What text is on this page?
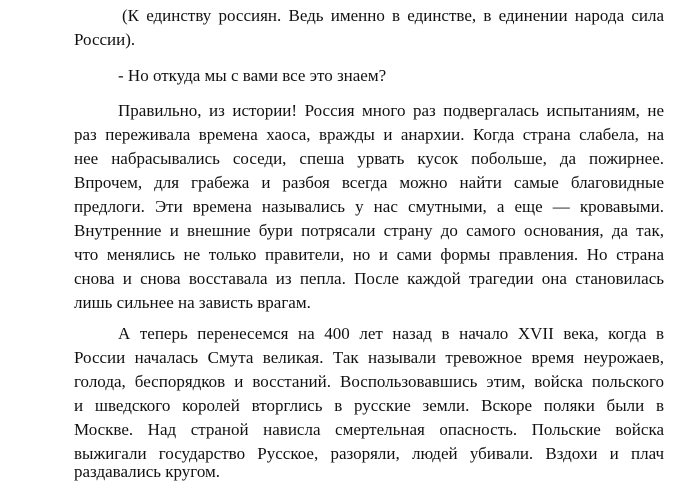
(К единству россиян. Ведь именно в единстве, в единении народа сила
России).
- Но откуда мы с вами все это знаем?
Правильно, из истории! Россия много раз подвергалась испытаниям, не
раз переживала времена хаоса, вражды и анархии. Когда страна слабела, на
нее набрасывались соседи, спеша урвать кусок побольше, да пожирнее.
Впрочем, для грабежа и разбоя всегда можно найти самые благовидные
предлоги. Эти времена назывались у нас смутными, а еще — кровавыми.
Внутренние и внешние бури потрясали страну до самого основания, да так,
что менялись не только правители, но и сами формы правления. Но страна
снова и снова восставала из пепла. После каждой трагедии она становилась
лишь сильнее на зависть врагам.
А теперь перенесемся на 400 лет назад в начало XVII века, когда в
России началась Смута великая. Так называли тревожное время неурожаев,
голода, беспорядков и восстаний. Воспользовавшись этим, войска польского
и шведского королей вторглись в русские земли. Вскоре поляки были в
Москве. Над страной нависла смертельная опасность. Польские войска
выжигали государство Русское, разоряли, людей убивали. Вздохи и плач
раздавались кругом.
